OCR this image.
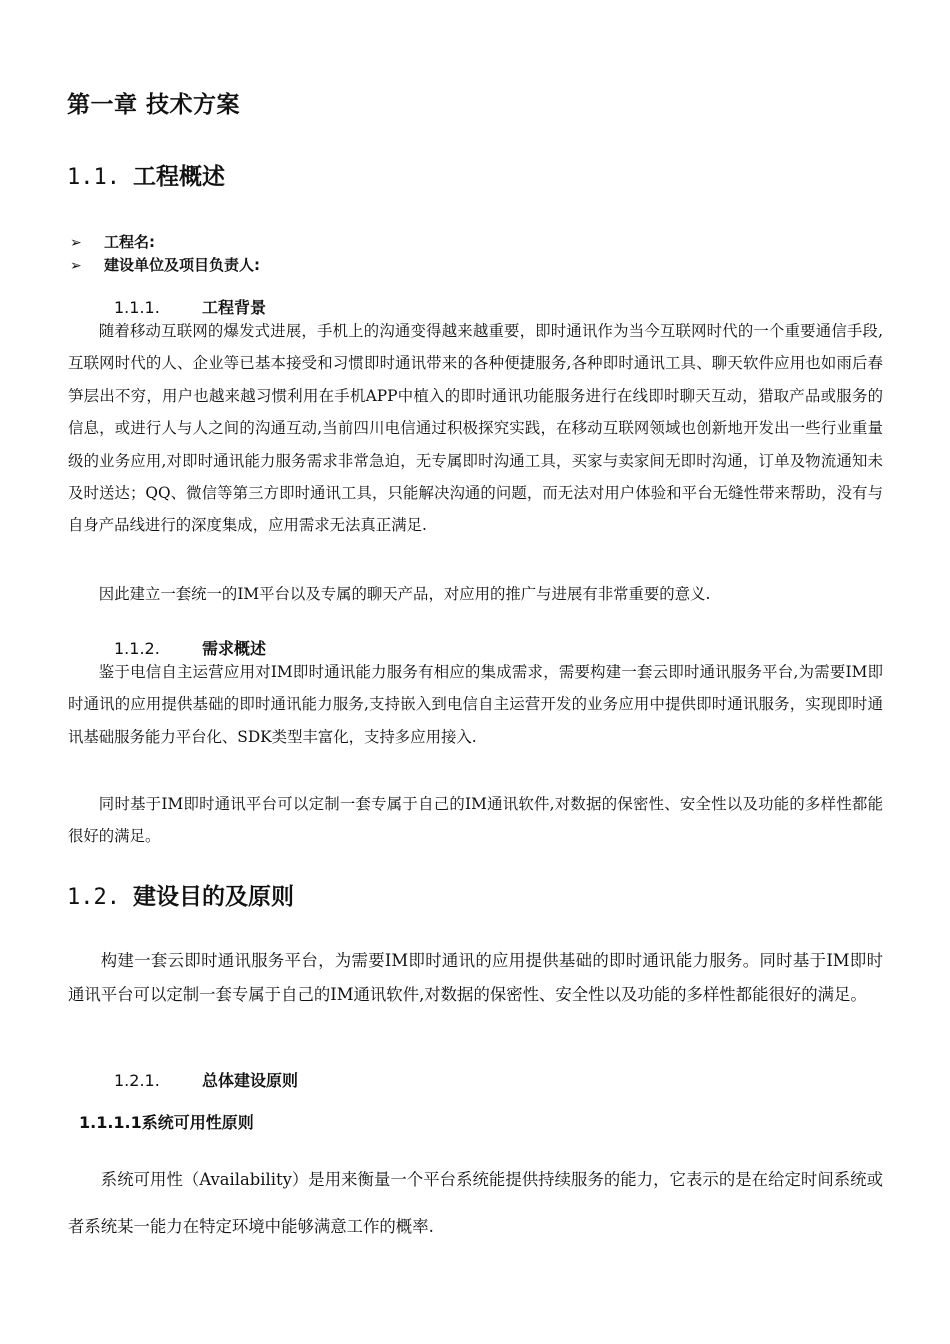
第一章 技术方案
1.1. 工程概述
➢ 工程名:
➢ 建设单位及项目负责人:
1.1.1.	工程背景

随着移动互联网的爆发式进展，手机上的沟通变得越来越重要，即时通讯作为当今互联网时代的一个重要通信手段,互联网时代的人、企业等已基本接受和习惯即时通讯带来的各种便捷服务,各种即时通讯工具、聊天软件应用也如雨后春笋层出不穷，用户也越来越习惯利用在手机APP中植入的即时通讯功能服务进行在线即时聊天互动，猎取产品或服务的信息，或进行人与人之间的沟通互动,当前四川电信通过积极探究实践，在移动互联网领域也创新地开发出一些行业重量级的业务应用,对即时通讯能力服务需求非常急迫，无专属即时沟通工具，买家与卖家间无即时沟通，订单及物流通知未及时送达；QQ、微信等第三方即时通讯工具，只能解决沟通的问题，而无法对用户体验和平台无缝性带来帮助，没有与自身产品线进行的深度集成，应用需求无法真正满足.

因此建立一套统一的IM平台以及专属的聊天产品，对应用的推广与进展有非常重要的意义.

1.1.2.	需求概述

鉴于电信自主运营应用对IM即时通讯能力服务有相应的集成需求，需要构建一套云即时通讯服务平台,为需要IM即时通讯的应用提供基础的即时通讯能力服务,支持嵌入到电信自主运营开发的业务应用中提供即时通讯服务，实现即时通讯基础服务能力平台化、SDK类型丰富化，支持多应用接入.

同时基于IM即时通讯平台可以定制一套专属于自己的IM通讯软件,对数据的保密性、安全性以及功能的多样性都能很好的满足。

1.2. 建设目的及原则

构建一套云即时通讯服务平台，为需要IM即时通讯的应用提供基础的即时通讯能力服务。同时基于IM即时通讯平台可以定制一套专属于自己的IM通讯软件,对数据的保密性、安全性以及功能的多样性都能很好的满足。

1.2.1.	总体建设原则
1.1.1.1系统可用性原则

系统可用性（Availability）是用来衡量一个平台系统能提供持续服务的能力，它表示的是在给定时间系统或者系统某一能力在特定环境中能够满意工作的概率.
